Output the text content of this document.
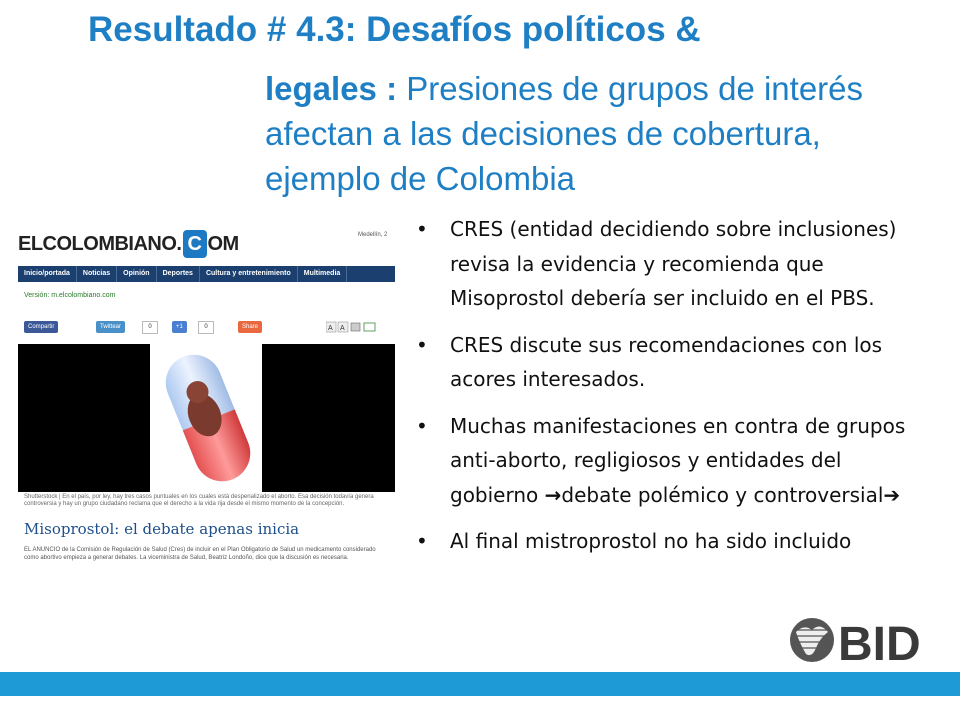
Resultado # 4.3: Desafíos políticos &
legales : Presiones de grupos de interés afectan a las decisiones de cobertura, ejemplo de Colombia
ELCOLOMBIANO. C OM	Medellín, 2
Inicio/portada	Noticias	Opinión	Deportes	Cultura y entretenimiento	Multimedia
Versión: m.elcolombiano.com
Compartir	Twittear	0	+1	0	Share	A A
Shutterstock | En el país, por ley, hay tres casos puntuales en los cuales está despenalizado el aborto. Esa decisión todavía genera controversia y hay un grupo ciudadano reclama que el derecho a la vida rija desde el mismo momento de la concepción.
Misoprostol: el debate apenas inicia
EL ANUNCIO de la Comisión de Regulación de Salud (Cres) de incluir en el Plan Obligatorio de Salud un medicamento considerado como abortivo empieza a generar debates. La viceministra de Salud, Beatriz Londoño, dice que la discusión es necesaria.
• CRES (entidad decidiendo sobre inclusiones) revisa la evidencia y recomienda que Misoprostol debería ser incluido en el PBS.
• CRES discute sus recomendaciones con los acores interesados.
• Muchas manifestaciones en contra de grupos anti-aborto, regligiosos y entidades del gobierno →debate polémico y controversial➔
• Al final mistroprostol no ha sido incluido
BID
